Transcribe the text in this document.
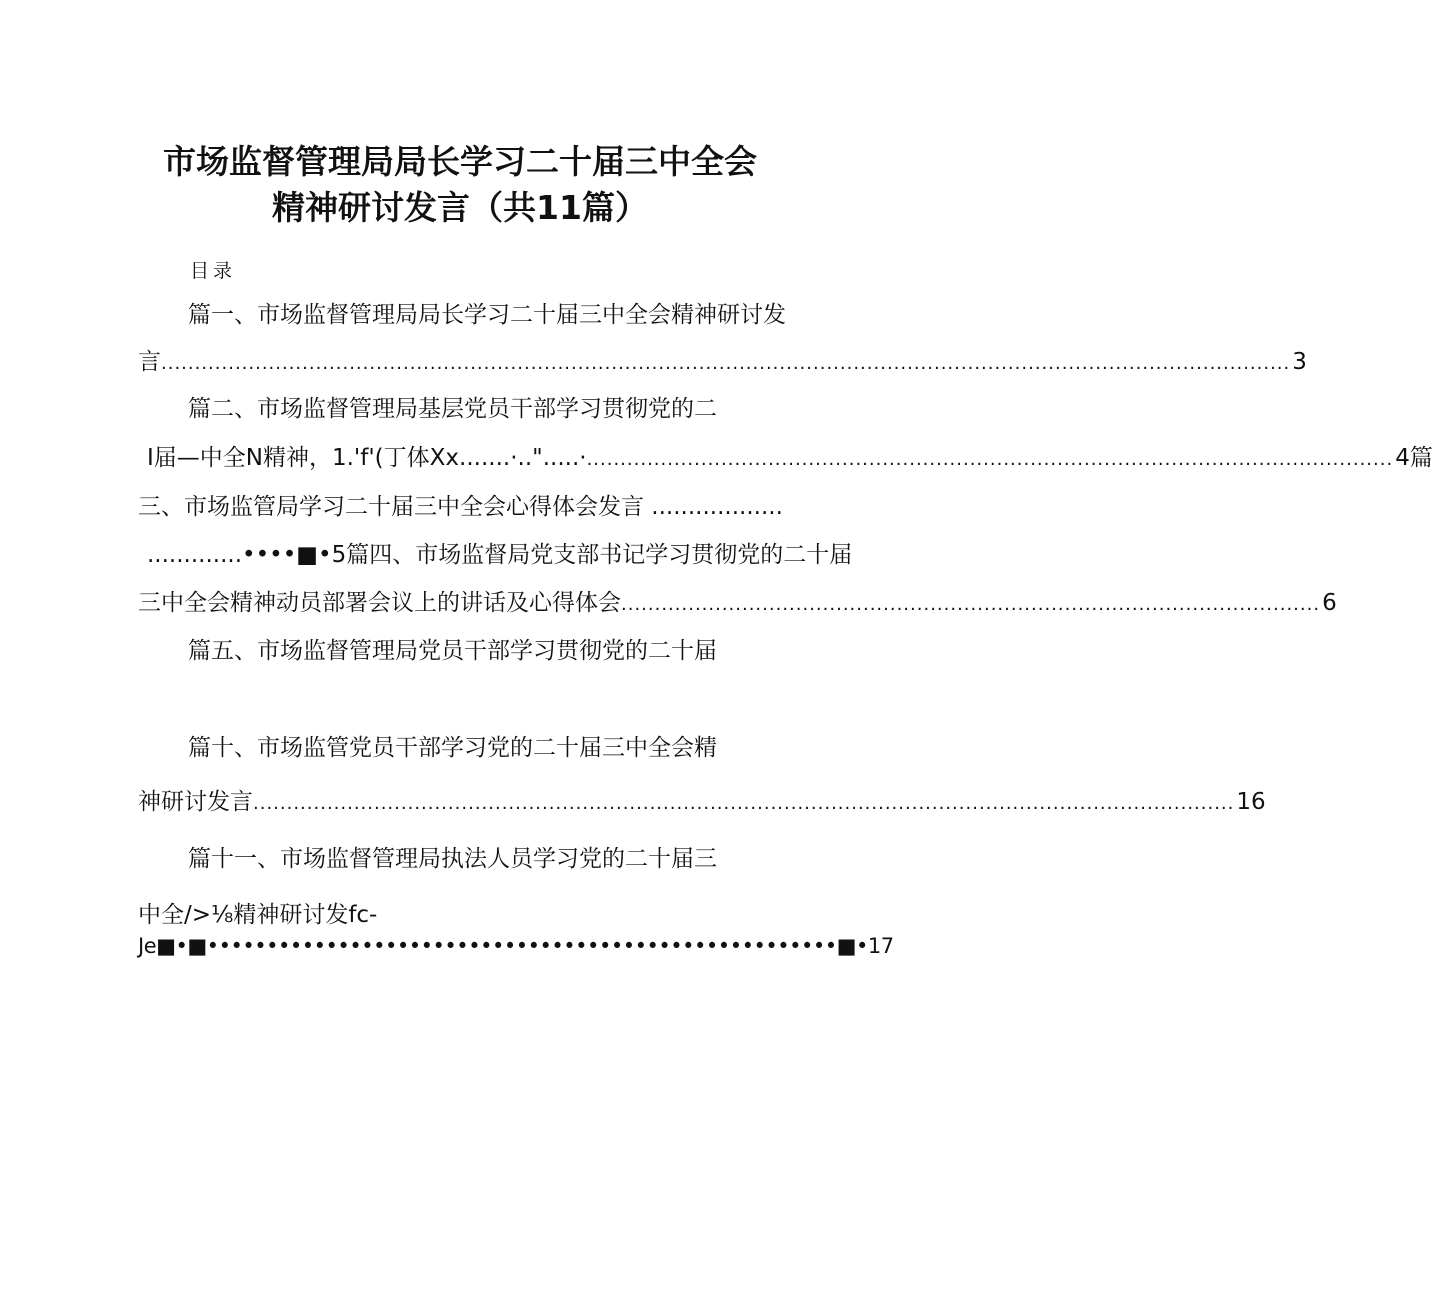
市场监督管理局局长学习二十届三中全会
精神研讨发言（共11篇）
目录
篇一、市场监督管理局局长学习二十届三中全会精神研讨发
言 ........................................................................................................................................................................ 3
篇二、市场监督管理局基层党员干部学习贯彻党的二
I届—中全N精神，1.'f'(丁体Xx.......·..".....· ........................................................................................................................ 4篇
三、市场监管局学习二十届三中全会心得体会发言 ..................
.............••••■•5篇四、市场监督局党支部书记学习贯彻党的二十届
三中全会精神动员部署会议上的讲话及心得体会 ........................................................................................................ 6
篇五、市场监督管理局党员干部学习贯彻党的二十届
篇十、市场监管党员干部学习党的二十届三中全会精
神研讨发言 .................................................................................................................................................. 16
篇十一、市场监督管理局执法人员学习党的二十届三
中全/>⅛精神研讨发fc-
Je■•■•••••••••••••••••••••••••••••••••••••••••••••••••••••■•17
